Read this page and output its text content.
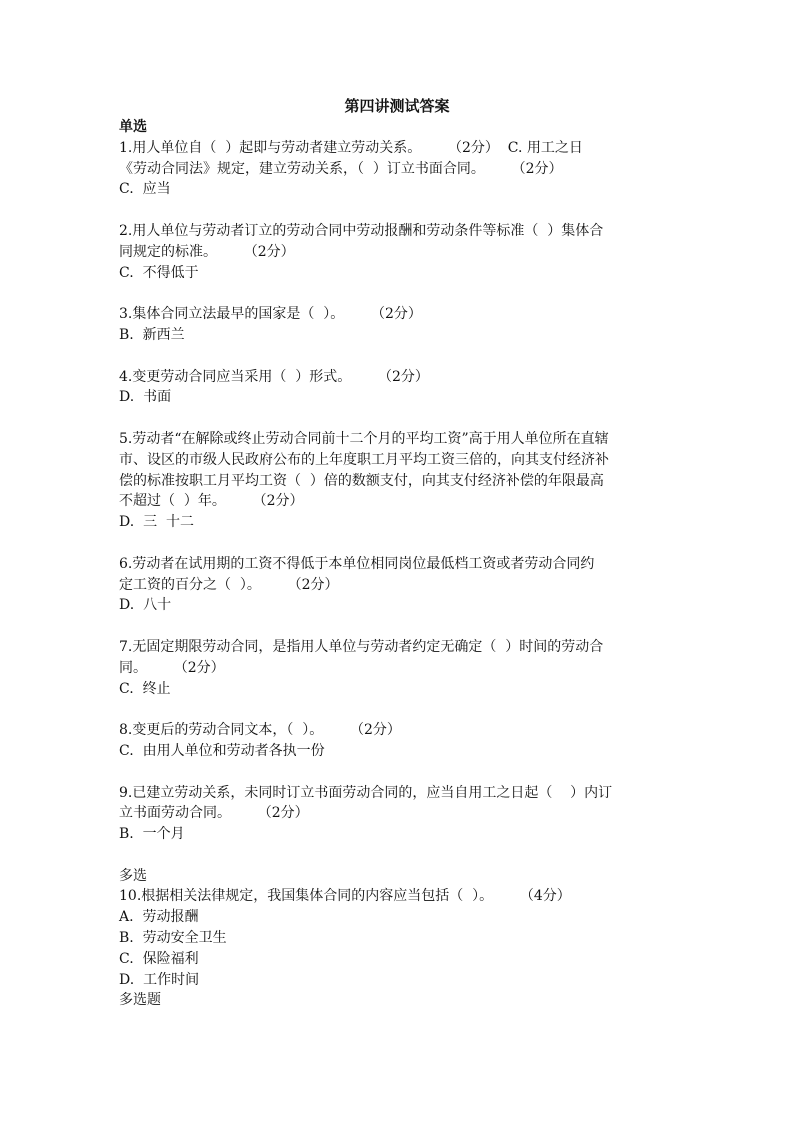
第四讲测试答案
单选
1.用人单位自（  ）起即与劳动者建立劳动关系。      （2分）  C. 用工之日
《劳动合同法》规定，建立劳动关系，（  ）订立书面合同。      （2分）
C.  应当
2.用人单位与劳动者订立的劳动合同中劳动报酬和劳动条件等标准（  ）集体合
同规定的标准。      （2分）
C.  不得低于
3.集体合同立法最早的国家是（  ）。      （2分）
B.  新西兰
4.变更劳动合同应当采用（  ）形式。      （2分）
D.  书面
5.劳动者“在解除或终止劳动合同前十二个月的平均工资”高于用人单位所在直辖
市、设区的市级人民政府公布的上年度职工月平均工资三倍的，向其支付经济补
偿的标准按职工月平均工资（  ）倍的数额支付，向其支付经济补偿的年限最高
不超过（  ）年。      （2分）
D.  三  十二
6.劳动者在试用期的工资不得低于本单位相同岗位最低档工资或者劳动合同约
定工资的百分之（  ）。      （2分）
D.  八十
7.无固定期限劳动合同，是指用人单位与劳动者约定无确定（  ）时间的劳动合
同。      （2分）
C.  终止
8.变更后的劳动合同文本，（  ）。      （2分）
C.  由用人单位和劳动者各执一份
9.已建立劳动关系，未同时订立书面劳动合同的，应当自用工之日起（    ）内订
立书面劳动合同。      （2分）
B.  一个月
多选
10.根据相关法律规定，我国集体合同的内容应当包括（  ）。      （4分）
A.  劳动报酬
B.  劳动安全卫生
C.  保险福利
D.  工作时间
多选题
